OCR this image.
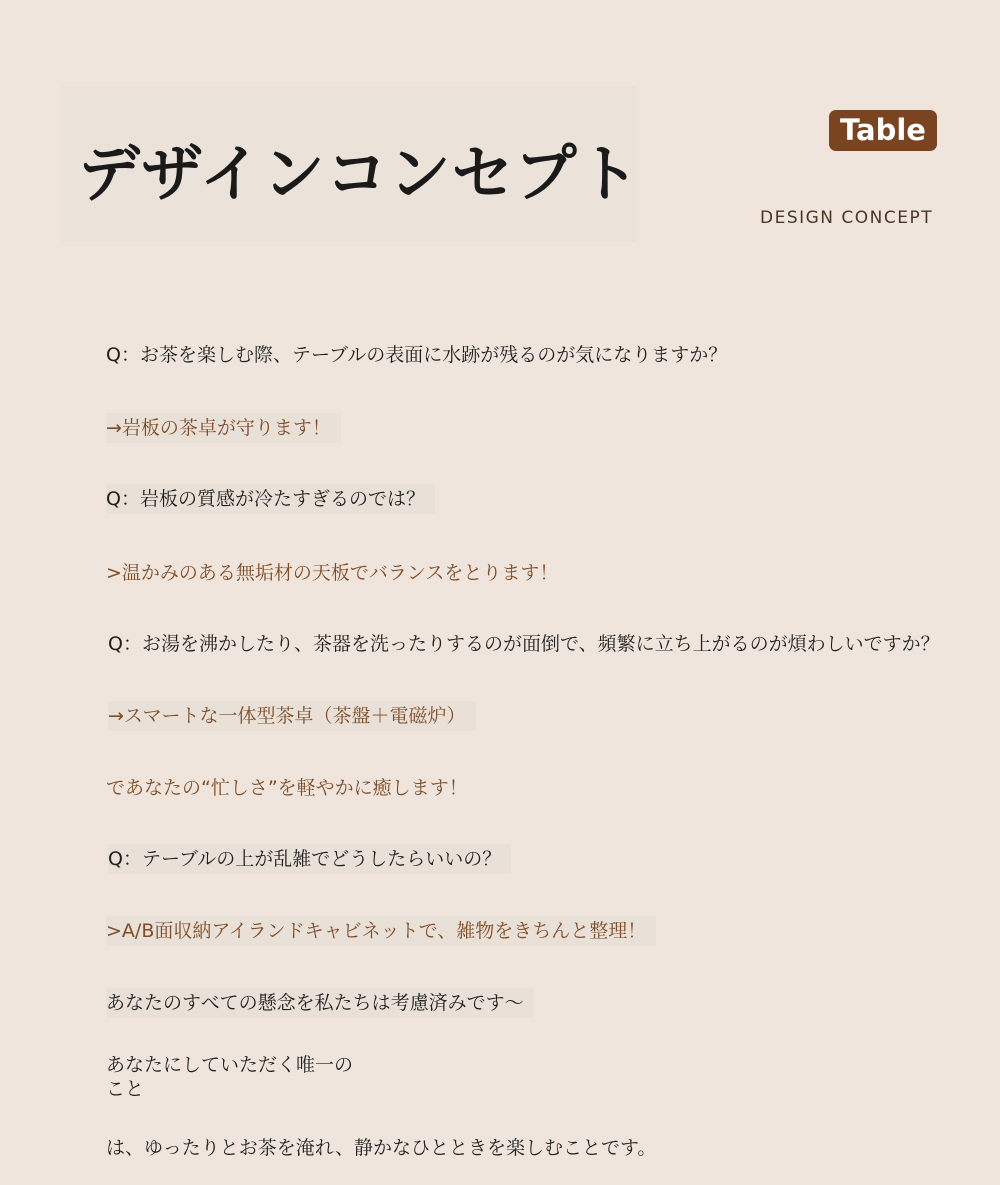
デザインコンセプト
Table
DESIGN CONCEPT
Q：お茶を楽しむ際、テーブルの表面に水跡が残るのが気になりますか？
→岩板の茶卓が守ります！
Q：岩板の質感が冷たすぎるのでは？
>温かみのある無垢材の天板でバランスをとります！
Q：お湯を沸かしたり、茶器を洗ったりするのが面倒で、頻繁に立ち上がるのが煩わしいですか？
→スマートな一体型茶卓（茶盤＋電磁炉）
であなたの“忙しさ”を軽やかに癒します！
Q：テーブルの上が乱雑でどうしたらいいの？
>A/B面収納アイランドキャビネットで、雑物をきちんと整理！
あなたのすべての懸念を私たちは考慮済みです〜
あなたにしていただく唯一のこと
は、ゆったりとお茶を淹れ、静かなひとときを楽しむことです。
